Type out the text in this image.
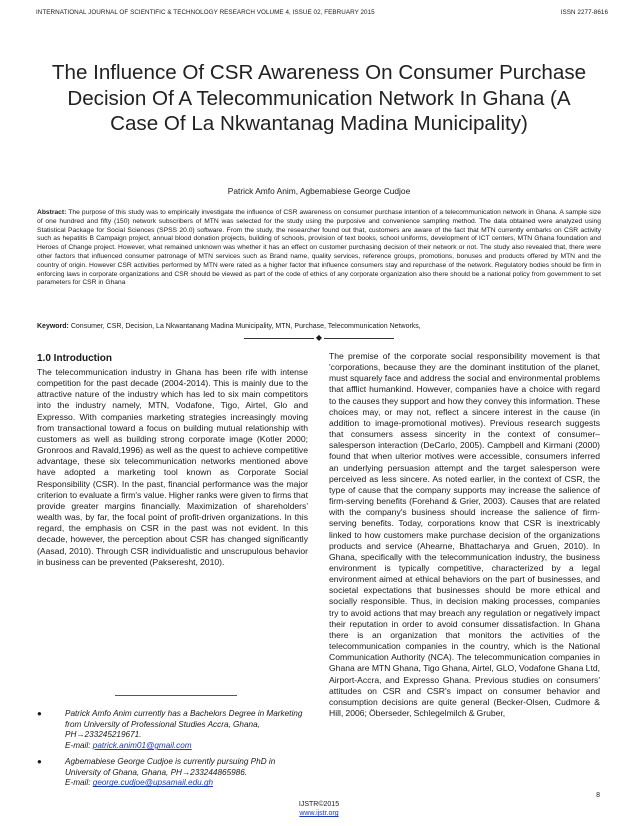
INTERNATIONAL JOURNAL OF SCIENTIFIC & TECHNOLOGY RESEARCH VOLUME 4, ISSUE 02, FEBRUARY 2015	ISSN 2277-8616
The Influence Of CSR Awareness On Consumer Purchase Decision Of A Telecommunication Network In Ghana (A Case Of La Nkwantanag Madina Municipality)
Patrick Amfo Anim, Agbemabiese George Cudjoe

Abstract: The purpose of this study was to empirically investigate the influence of CSR awareness on consumer purchase intention of a telecommunication network in Ghana. A sample size of one hundred and fifty (150) network subscribers of MTN was selected for the study using the purposive and convenience sampling method. The data obtained were analyzed using Statistical Package for Social Sciences (SPSS 20.0) software. From the study, the researcher found out that, customers are aware of the fact that MTN currently embarks on CSR activity such as hepatitis B Campaign project, annual blood donation projects, building of schools, provision of text books, school uniforms, development of ICT centers, MTN Ghana foundation and Heroes of Change project. However, what remained unknown was whether it has an effect on customer purchasing decision of their network or not. The study also revealed that, there were other factors that influenced consumer patronage of MTN services such as Brand name, quality services, reference groups, promotions, bonuses and products offered by MTN and the country of origin. However CSR activities performed by MTN were rated as a higher factor that influence consumers stay and repurchase of the network. Regulatory bodies should be firm in enforcing laws in corporate organizations and CSR should be viewed as part of the code of ethics of any corporate organization also there should be a national policy from government to set parameters for CSR in Ghana

Keyword: Consumer, CSR, Decision, La Nkwantanang Madina Municipality, MTN, Purchase, Telecommunication Networks,

◆
1.0 Introduction

The telecommunication industry in Ghana has been rife with intense competition for the past decade (2004-2014). This is mainly due to the attractive nature of the industry which has led to six main competitors into the industry namely, MTN, Vodafone, Tigo, Airtel, Glo and Expresso. With companies marketing strategies increasingly moving from transactional toward a focus on building mutual relationship with customers as well as building strong corporate image (Kotler 2000; Gronroos and Ravald,1996) as well as the quest to achieve competitive advantage, these six telecommunication networks mentioned above have adopted a marketing tool known as Corporate Social Responsibility (CSR). In the past, financial performance was the major criterion to evaluate a firm's value. Higher ranks were given to firms that provide greater margins financially. Maximization of shareholders' wealth was, by far, the focal point of profit-driven organizations. In this regard, the emphasis on CSR in the past was not evident. In this decade, however, the perception about CSR has changed significantly (Aasad, 2010). Through CSR individualistic and unscrupulous behavior in business can be prevented (Pakseresht, 2010).

The premise of the corporate social responsibility movement is that 'corporations, because they are the dominant institution of the planet, must squarely face and address the social and environmental problems that afflict humankind. However, companies have a choice with regard to the causes they support and how they convey this information. These choices may, or may not, reflect a sincere interest in the cause (in addition to image-promotional motives). Previous research suggests that consumers assess sincerity in the context of consumer–salesperson interaction (DeCarlo, 2005). Campbell and Kirmani (2000) found that when ulterior motives were accessible, consumers inferred an underlying persuasion attempt and the target salesperson were perceived as less sincere. As noted earlier, in the context of CSR, the type of cause that the company supports may increase the salience of firm-serving benefits (Forehand & Grier, 2003). Causes that are related with the company's business should increase the salience of firm-serving benefits. Today, corporations know that CSR is inextricably linked to how customers make purchase decision of the organizations products and service (Ahearne, Bhattacharya and Gruen, 2010). In Ghana, specifically with the telecommunication industry, the business environment is typically competitive, characterized by a legal environment aimed at ethical behaviors on the part of businesses, and societal expectations that businesses should be more ethical and socially responsible. Thus, in decision making processes, companies try to avoid actions that may breach any regulation or negatively impact their reputation in order to avoid consumer dissatisfaction. In Ghana there is an organization that monitors the activities of the telecommunication companies in the country, which is the National Communication Authority (NCA). The telecommunication companies in Ghana are MTN Ghana, Tigo Ghana, Airtel, GLO, Vodafone Ghana Ltd, Airport-Accra, and Expresso Ghana. Previous studies on consumers' attitudes on CSR and CSR's impact on consumer behavior and consumption decisions are quite general (Becker-Olsen, Cudmore & Hill, 2006; Öberseder, Schlegelmilch & Gruber,

●	Patrick Amfo Anim currently has a Bachelors Degree in Marketing from University of Professional Studies Accra, Ghana, PH→233245219671.
E-mail: patrick.anim01@gmail.com
●	Agbemabiese George Cudjoe is currently pursuing PhD in University of Ghana, Ghana, PH→233244865986.
E-mail: george.cudjoe@upsamail.edu.gh
8
IJSTR©2015
www.ijstr.org
